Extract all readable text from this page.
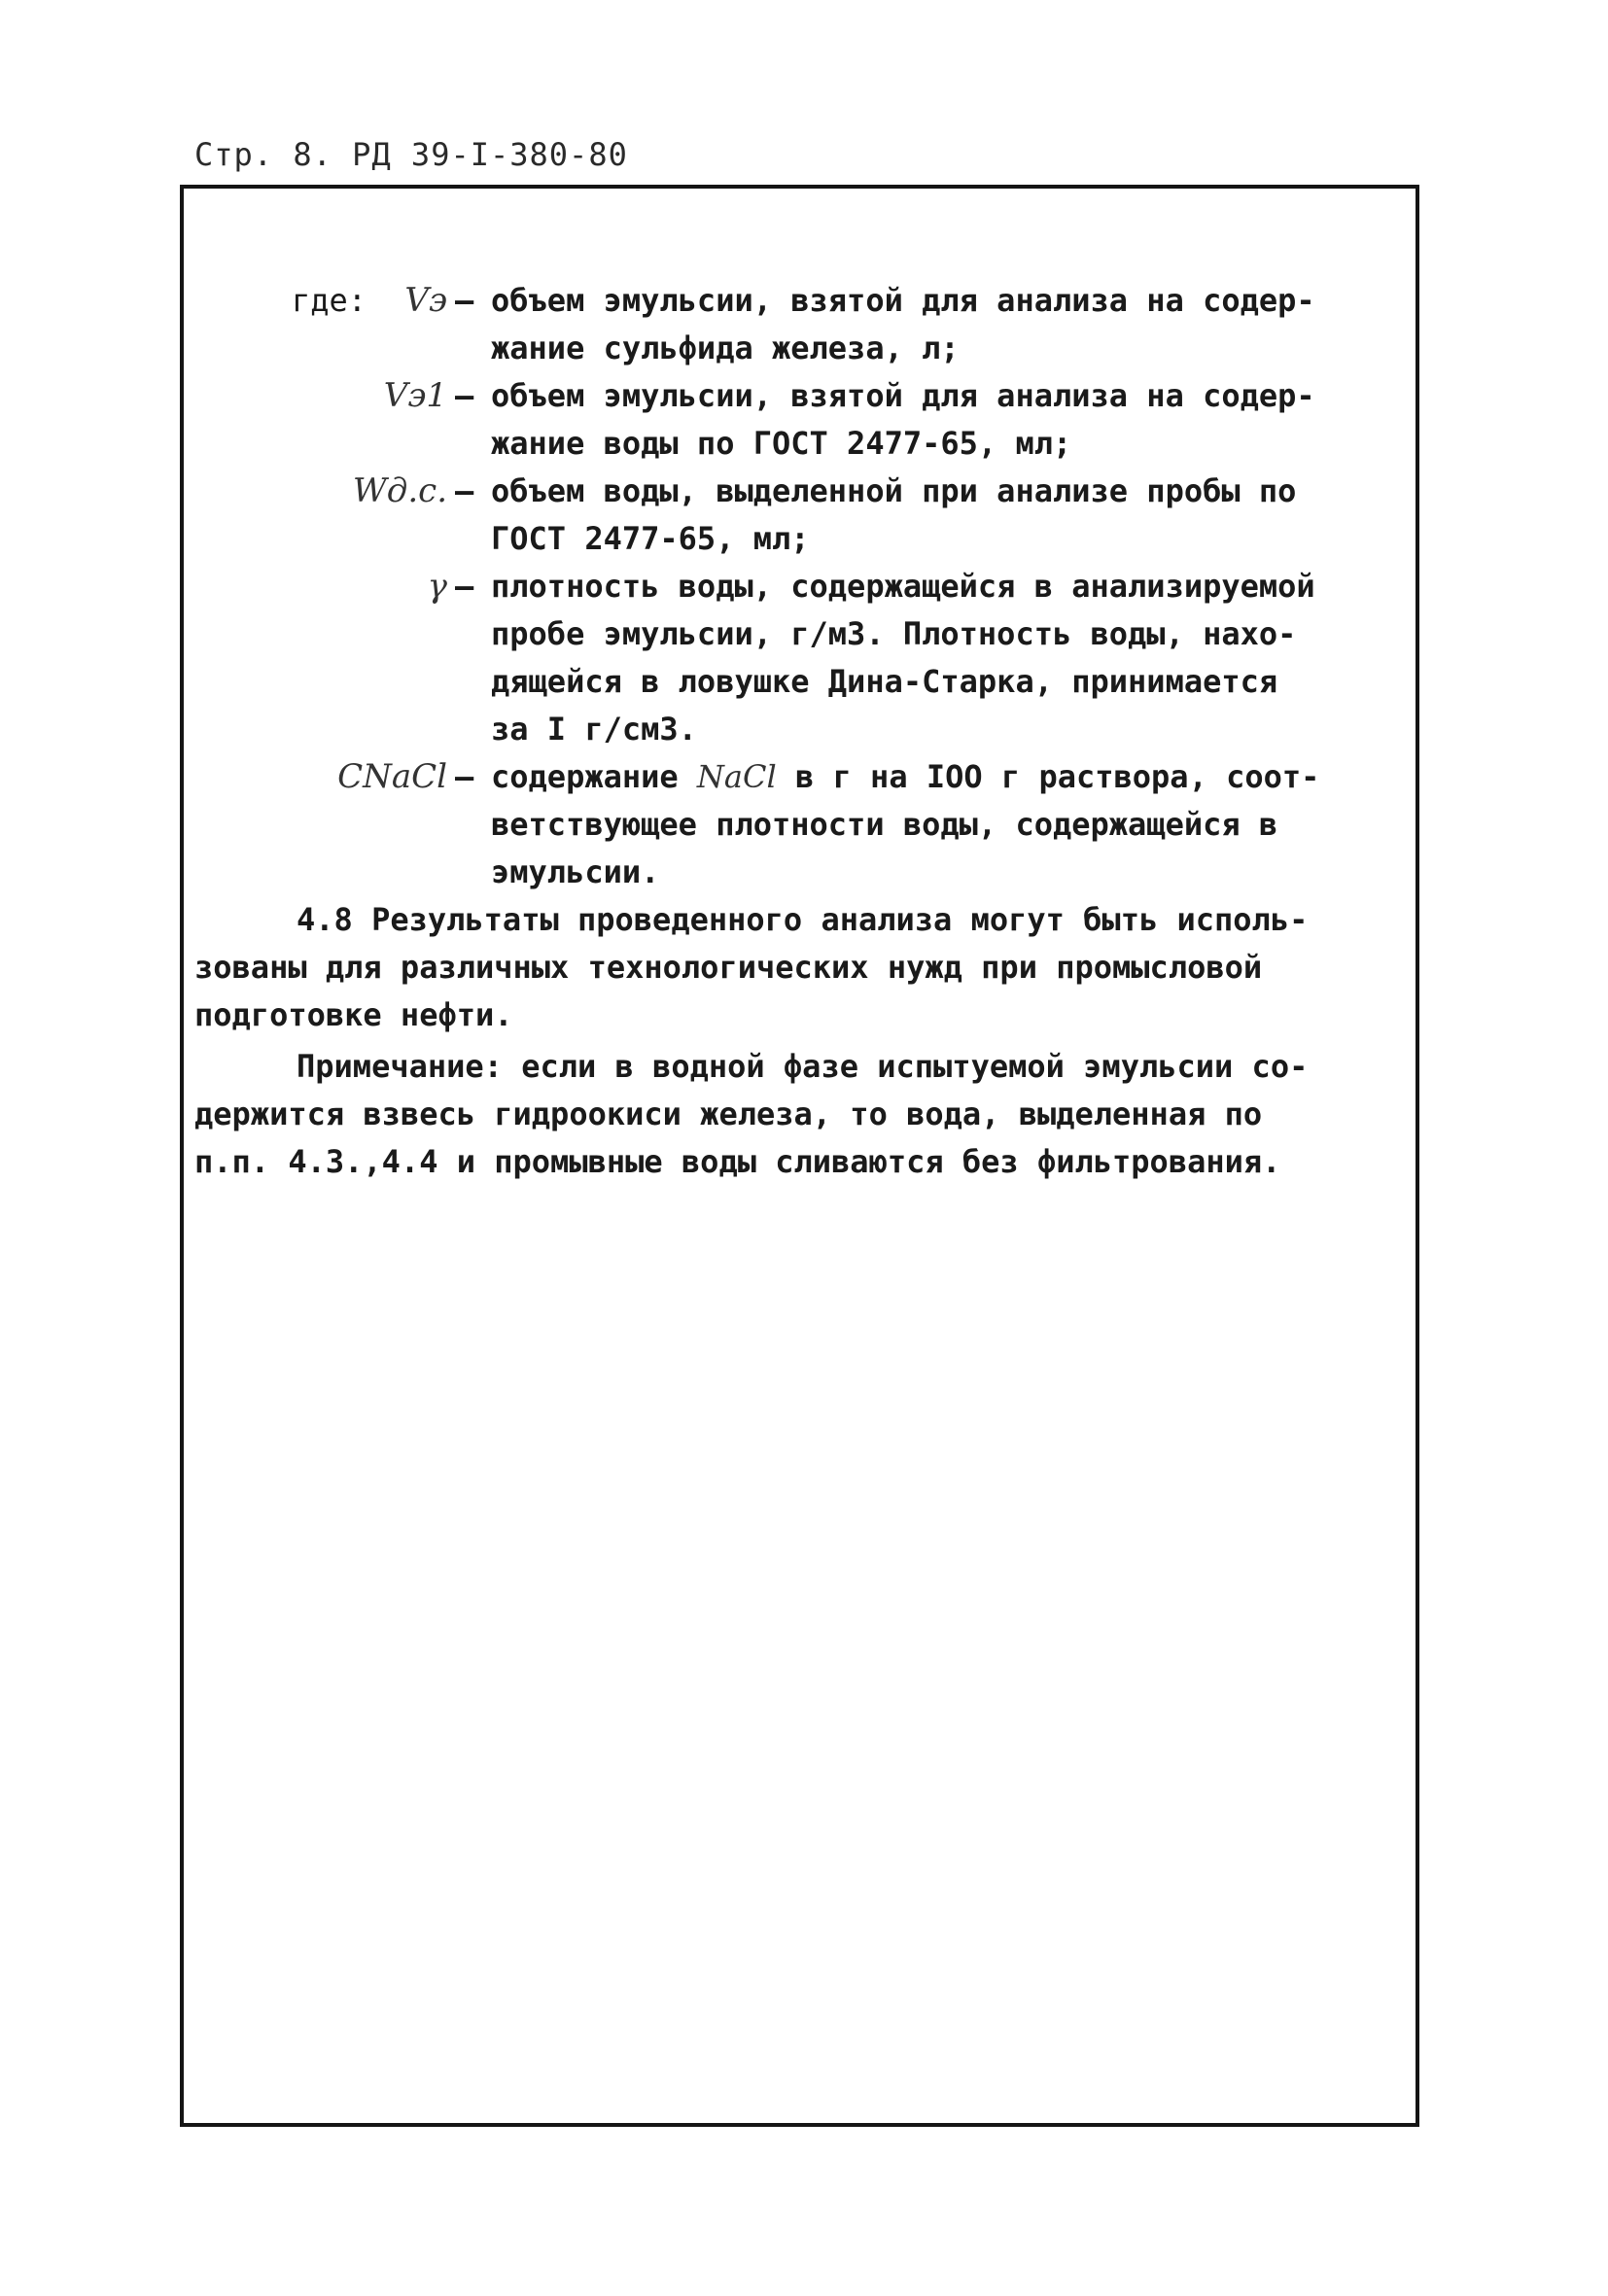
Стр. 8. РД 39-I-380-80
где:	Vэ – объем эмульсии, взятой для анализа на содер-
жание сульфида железа, л;
Vэ1 – объем эмульсии, взятой для анализа на содер-
жание воды по ГОСТ 2477-65, мл;
Wд.с. – объем воды, выделенной при анализе пробы по
ГОСТ 2477-65, мл;
γ – плотность воды, содержащейся в анализируемой
пробе эмульсии, г/м3. Плотность воды, нахо-
дящейся в ловушке Дина-Старка, принимается
за I г/см3.
CNaCl – содержание NaCl в г на IOO г раствора, соот-
ветствующее плотности воды, содержащейся в
эмульсии.
4.8 Результаты проведенного анализа могут быть исполь-
зованы для различных технологических нужд при промысловой
подготовке нефти.
Примечание: если в водной фазе испытуемой эмульсии со-
держится взвесь гидроокиси железа, то вода, выделенная по
п.п. 4.3.,4.4 и промывные воды сливаются без фильтрования.
